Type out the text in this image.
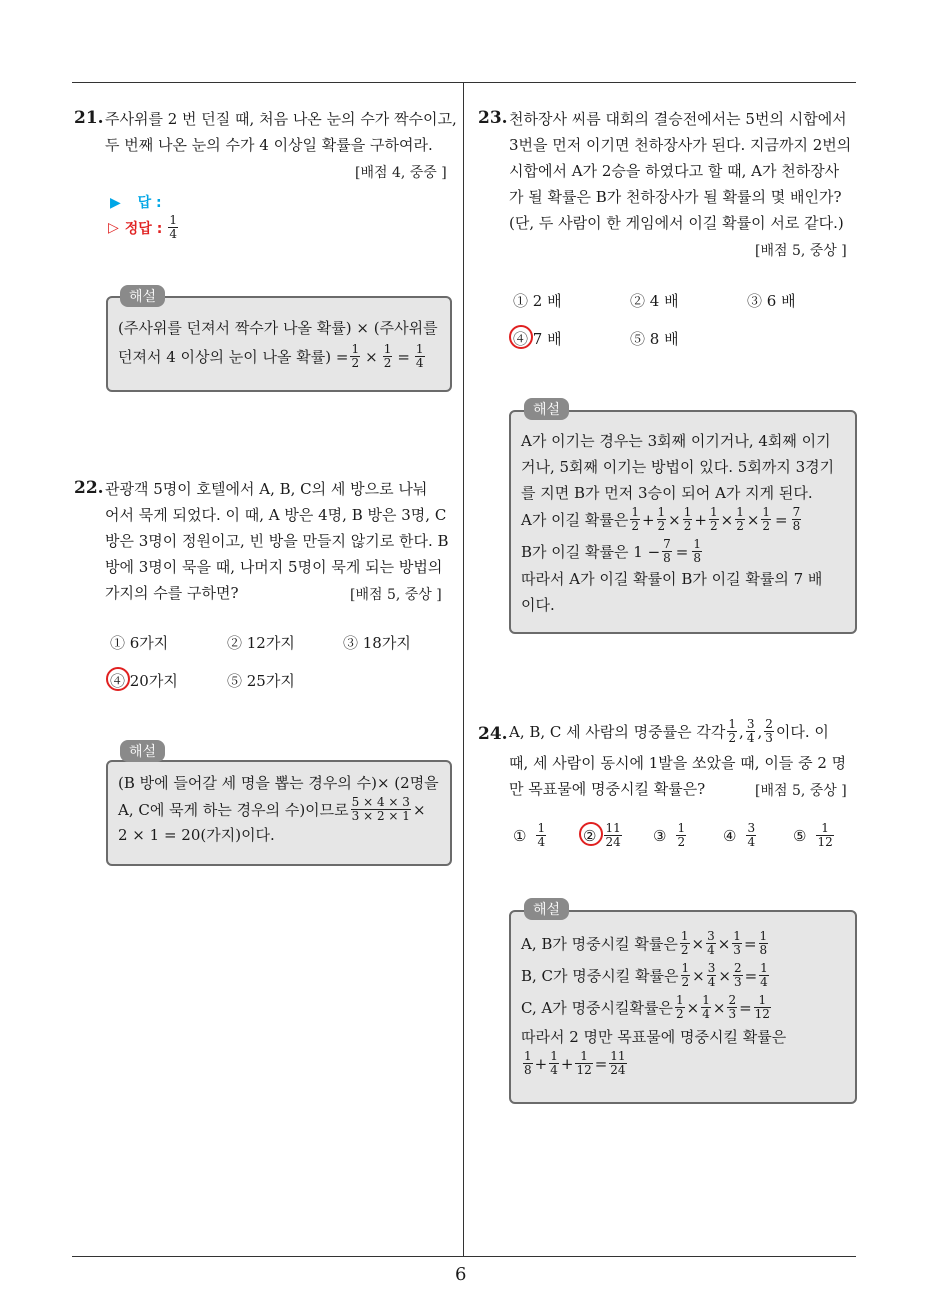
6
21. 주사위를 2 번 던질 때, 처음 나온 눈의 수가 짝수이고,
두 번째 나온 눈의 수가 4 이상일 확률을 구하여라.
[배점 4, 중중 ]
▶ 답 :
▷ 정답 : $\frac{1}{4}$
해설
(주사위를 던져서 짝수가 나올 확률) × (주사위를
던져서 4 이상의 눈이 나올 확률) = $\frac{1}{2} \times \frac{1}{2} = \frac{1}{4}$
22. 관광객 5명이 호텔에서 A, B, C의 세 방으로 나눠
어서 묵게 되었다. 이 때, A 방은 4명, B 방은 3명, C
방은 3명이 정원이고, 빈 방을 만들지 않기로 한다. B
방에 3명이 묵을 때, 나머지 5명이 묵게 되는 방법의
가지의 수를 구하면?	[배점 5, 중상 ]
① 6가지	② 12가지	③ 18가지
④ 20가지	⑤ 25가지
해설
(B 방에 들어갈 세 명을 뽑는 경우의 수)× (2명을
A, C에 묵게 하는 경우의 수)이므로 $\frac{5 \times 4 \times 3}{3 \times 2 \times 1}$ ×
2 × 1 = 20(가지)이다.
23. 천하장사 씨름 대회의 결승전에서는 5번의 시합에서
3번을 먼저 이기면 천하장사가 된다. 지금까지 2번의
시합에서 A가 2승을 하였다고 할 때, A가 천하장사
가 될 확률은 B가 천하장사가 될 확률의 몇 배인가?
(단, 두 사람이 한 게임에서 이길 확률이 서로 같다.)
[배점 5, 중상 ]
① 2 배	② 4 배	③ 6 배
④ 7 배	⑤ 8 배
해설
A가 이기는 경우는 3회째 이기거나, 4회째 이기
거나, 5회째 이기는 방법이 있다. 5회까지 3경기
를 지면 B가 먼저 3승이 되어 A가 지게 된다.
A가 이길 확률은 $\frac{1}{2} + \frac{1}{2} \times \frac{1}{2} + \frac{1}{2} \times \frac{1}{2} \times \frac{1}{2} = \frac{7}{8}$
B가 이길 확률은 $1 - \frac{7}{8} = \frac{1}{8}$
따라서 A가 이길 확률이 B가 이길 확률의 7 배
이다.
24. A, B, C 세 사람의 명중률은 각각 $\frac{1}{2}$ , $\frac{3}{4}$ , $\frac{2}{3}$ 이다. 이
때, 세 사람이 동시에 1발을 쏘았을 때, 이들 중 2 명
만 목표물에 명중시킬 확률은?	[배점 5, 중상 ]
① $\frac{1}{4}$ ② $\frac{11}{24}$ ③ $\frac{1}{2}$ ④ $\frac{3}{4}$ ⑤ $\frac{1}{12}$
해설
A, B가 명중시킬 확률은 $\frac{1}{2} \times \frac{3}{4} \times \frac{1}{3} = \frac{1}{8}$
B, C가 명중시킬 확률은 $\frac{1}{2} \times \frac{3}{4} \times \frac{2}{3} = \frac{1}{4}$
C, A가 명중시킬확률은 $\frac{1}{2} \times \frac{1}{4} \times \frac{2}{3} = \frac{1}{12}$
따라서 2 명만 목표물에 명중시킬 확률은
$\frac{1}{8} + \frac{1}{4} + \frac{1}{12} = \frac{11}{24}$
